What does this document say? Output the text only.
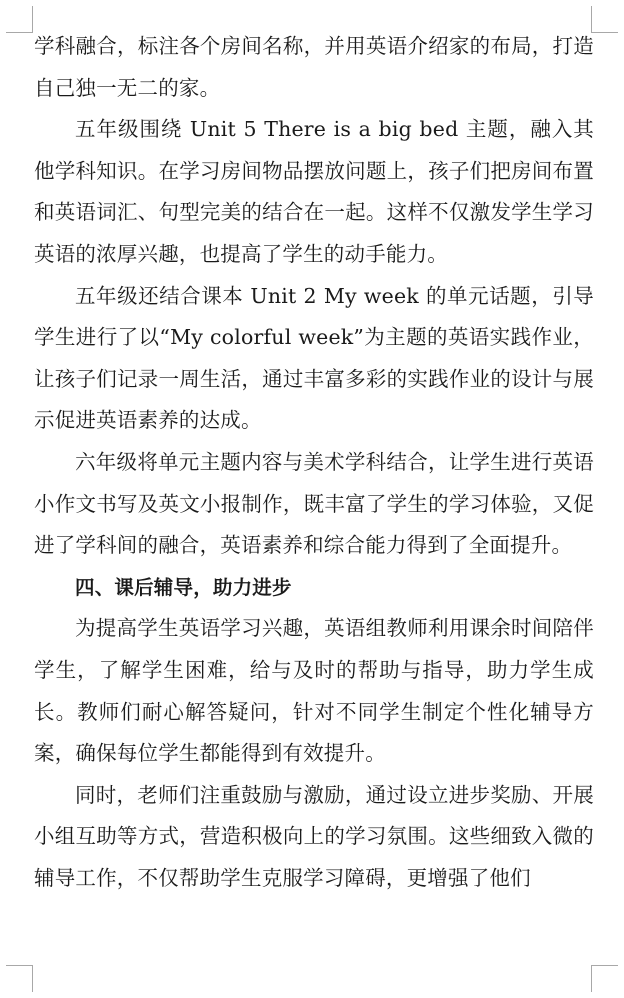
学科融合，标注各个房间名称，并用英语介绍家的布局，打造自己独一无二的家。

五年级围绕 Unit 5 There is a big bed 主题，融入其他学科知识。在学习房间物品摆放问题上，孩子们把房间布置和英语词汇、句型完美的结合在一起。这样不仅激发学生学习英语的浓厚兴趣，也提高了学生的动手能力。

五年级还结合课本 Unit 2 My week 的单元话题，引导学生进行了以“My colorful week”为主题的英语实践作业，让孩子们记录一周生活，通过丰富多彩的实践作业的设计与展示促进英语素养的达成。

六年级将单元主题内容与美术学科结合，让学生进行英语小作文书写及英文小报制作，既丰富了学生的学习体验，又促进了学科间的融合，英语素养和综合能力得到了全面提升。

四、课后辅导，助力进步

为提高学生英语学习兴趣，英语组教师利用课余时间陪伴学生，了解学生困难，给与及时的帮助与指导，助力学生成长。教师们耐心解答疑问，针对不同学生制定个性化辅导方案，确保每位学生都能得到有效提升。

同时，老师们注重鼓励与激励，通过设立进步奖励、开展小组互助等方式，营造积极向上的学习氛围。这些细致入微的辅导工作，不仅帮助学生克服学习障碍，更增强了他们
